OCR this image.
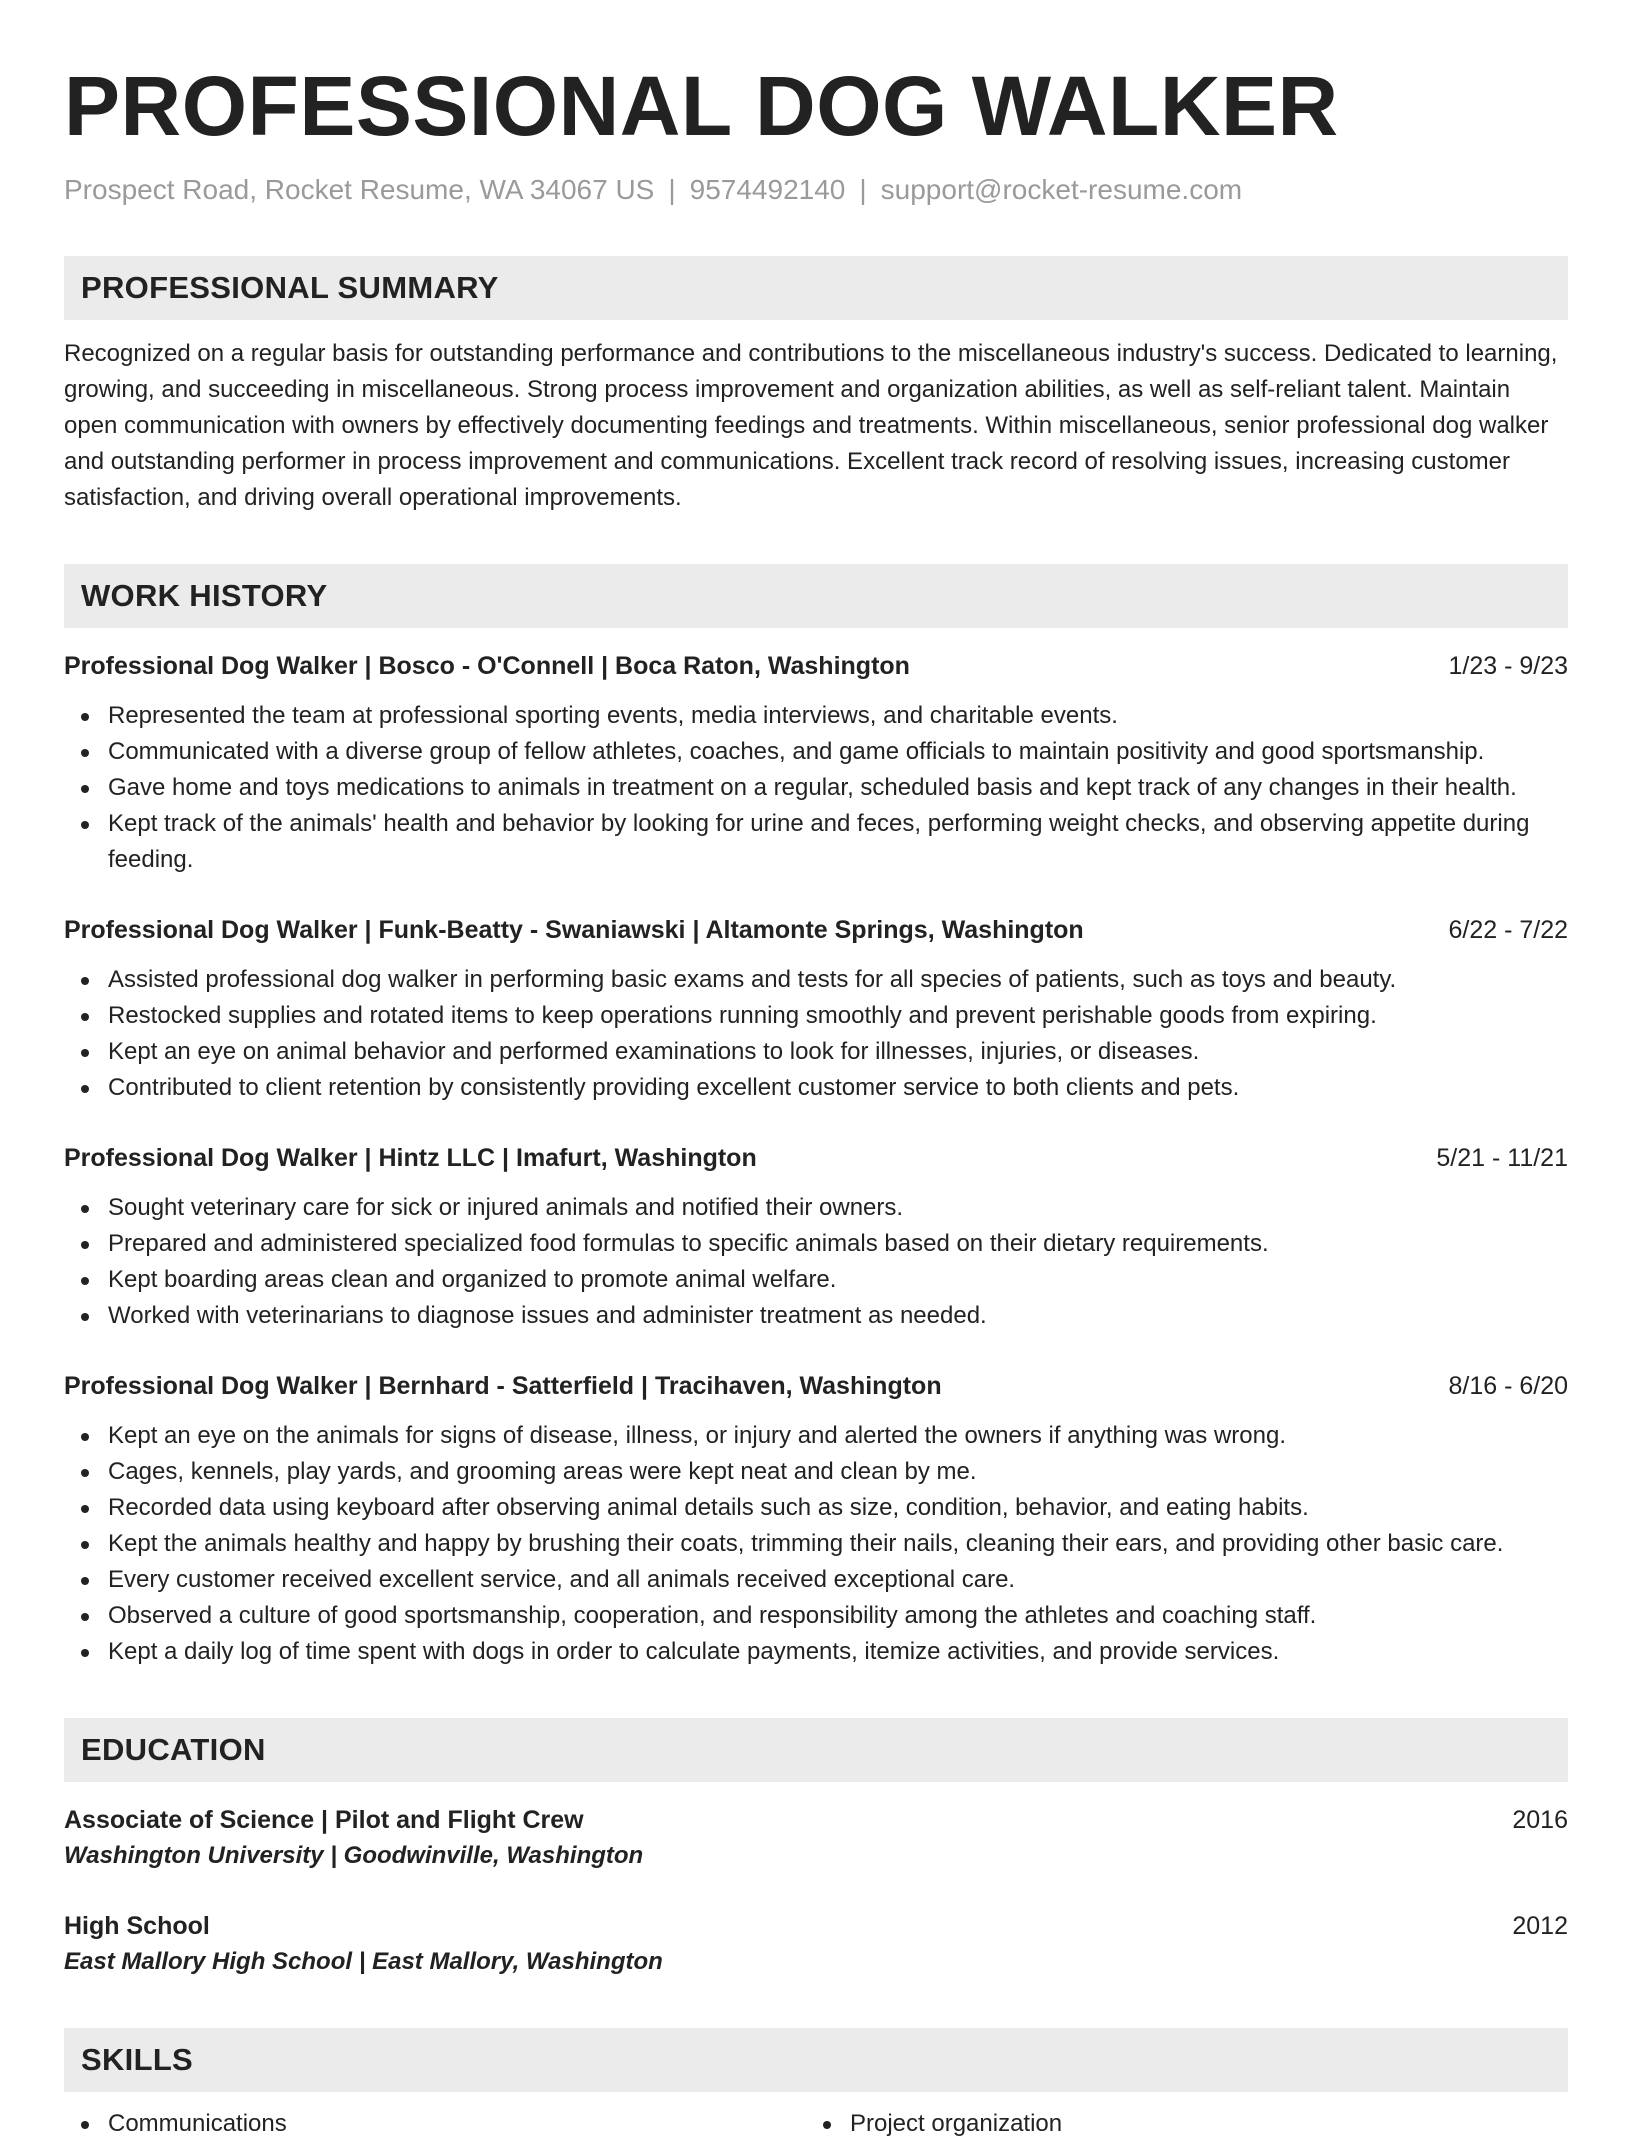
PROFESSIONAL DOG WALKER
Prospect Road, Rocket Resume, WA 34067 US | 9574492140 | support@rocket-resume.com
PROFESSIONAL SUMMARY

Recognized on a regular basis for outstanding performance and contributions to the miscellaneous industry's success. Dedicated to learning, growing, and succeeding in miscellaneous. Strong process improvement and organization abilities, as well as self-reliant talent. Maintain open communication with owners by effectively documenting feedings and treatments. Within miscellaneous, senior professional dog walker and outstanding performer in process improvement and communications. Excellent track record of resolving issues, increasing customer satisfaction, and driving overall operational improvements.

WORK HISTORY
Professional Dog Walker | Bosco - O'Connell | Boca Raton, Washington	1/23 - 9/23
Represented the team at professional sporting events, media interviews, and charitable events.
Communicated with a diverse group of fellow athletes, coaches, and game officials to maintain positivity and good sportsmanship.
Gave home and toys medications to animals in treatment on a regular, scheduled basis and kept track of any changes in their health.
Kept track of the animals' health and behavior by looking for urine and feces, performing weight checks, and observing appetite during feeding.
Professional Dog Walker | Funk-Beatty - Swaniawski | Altamonte Springs, Washington	6/22 - 7/22
Assisted professional dog walker in performing basic exams and tests for all species of patients, such as toys and beauty.
Restocked supplies and rotated items to keep operations running smoothly and prevent perishable goods from expiring.
Kept an eye on animal behavior and performed examinations to look for illnesses, injuries, or diseases.
Contributed to client retention by consistently providing excellent customer service to both clients and pets.
Professional Dog Walker | Hintz LLC | Imafurt, Washington	5/21 - 11/21
Sought veterinary care for sick or injured animals and notified their owners.
Prepared and administered specialized food formulas to specific animals based on their dietary requirements.
Kept boarding areas clean and organized to promote animal welfare.
Worked with veterinarians to diagnose issues and administer treatment as needed.
Professional Dog Walker | Bernhard - Satterfield | Tracihaven, Washington	8/16 - 6/20
Kept an eye on the animals for signs of disease, illness, or injury and alerted the owners if anything was wrong.
Cages, kennels, play yards, and grooming areas were kept neat and clean by me.
Recorded data using keyboard after observing animal details such as size, condition, behavior, and eating habits.
Kept the animals healthy and happy by brushing their coats, trimming their nails, cleaning their ears, and providing other basic care.
Every customer received excellent service, and all animals received exceptional care.
Observed a culture of good sportsmanship, cooperation, and responsibility among the athletes and coaching staff.
Kept a daily log of time spent with dogs in order to calculate payments, itemize activities, and provide services.
EDUCATION
Associate of Science | Pilot and Flight Crew	2016
Washington University | Goodwinville, Washington
High School	2012
East Mallory High School | East Mallory, Washington
SKILLS
Communications	Project organization
